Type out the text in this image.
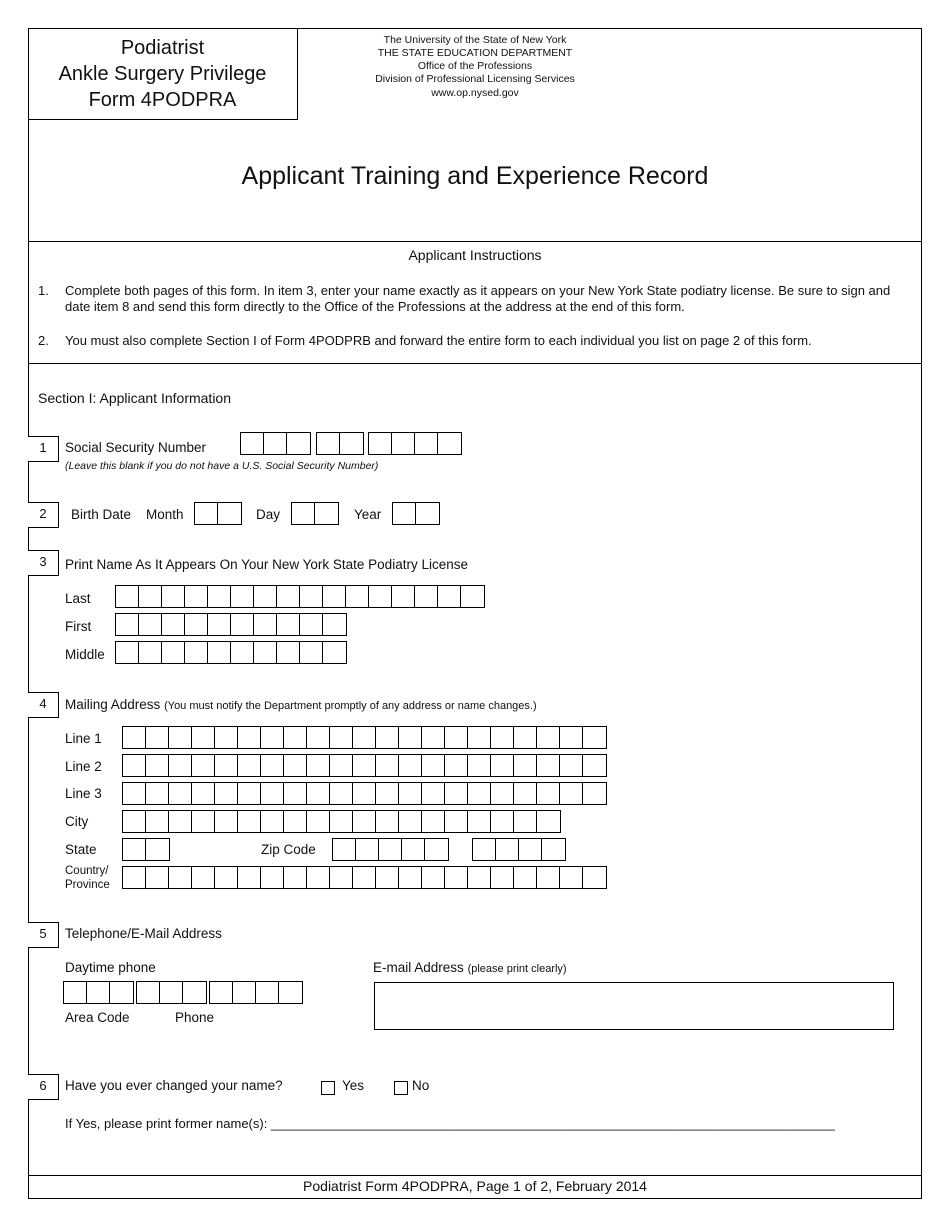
Podiatrist
Ankle Surgery Privilege
Form 4PODPRA
The University of the State of New York
THE STATE EDUCATION DEPARTMENT
Office of the Professions
Division of Professional Licensing Services
www.op.nysed.gov
Applicant Training and Experience Record
Applicant Instructions
1. Complete both pages of this form. In item 3, enter your name exactly as it appears on your New York State podiatry license. Be sure to sign and date item 8 and send this form directly to the Office of the Professions at the address at the end of this form.
2. You must also complete Section I of Form 4PODPRB and forward the entire form to each individual you list on page 2 of this form.
Section I: Applicant Information
1	Social Security Number
(Leave this blank if you do not have a U.S. Social Security Number)
2	Birth Date Month	Day	Year
3	Print Name As It Appears On Your New York State Podiatry License
Last
First
Middle
4	Mailing Address (You must notify the Department promptly of any address or name changes.)
Line 1
Line 2
Line 3
City
State	Zip Code
Country/
Province
5	Telephone/E-Mail Address
Daytime phone
Area Code	Phone
E-mail Address (please print clearly)
6	Have you ever changed your name?	Yes	No
If Yes, please print former name(s): ______________________________________________________________________________
Podiatrist Form 4PODPRA, Page 1 of 2, February 2014
